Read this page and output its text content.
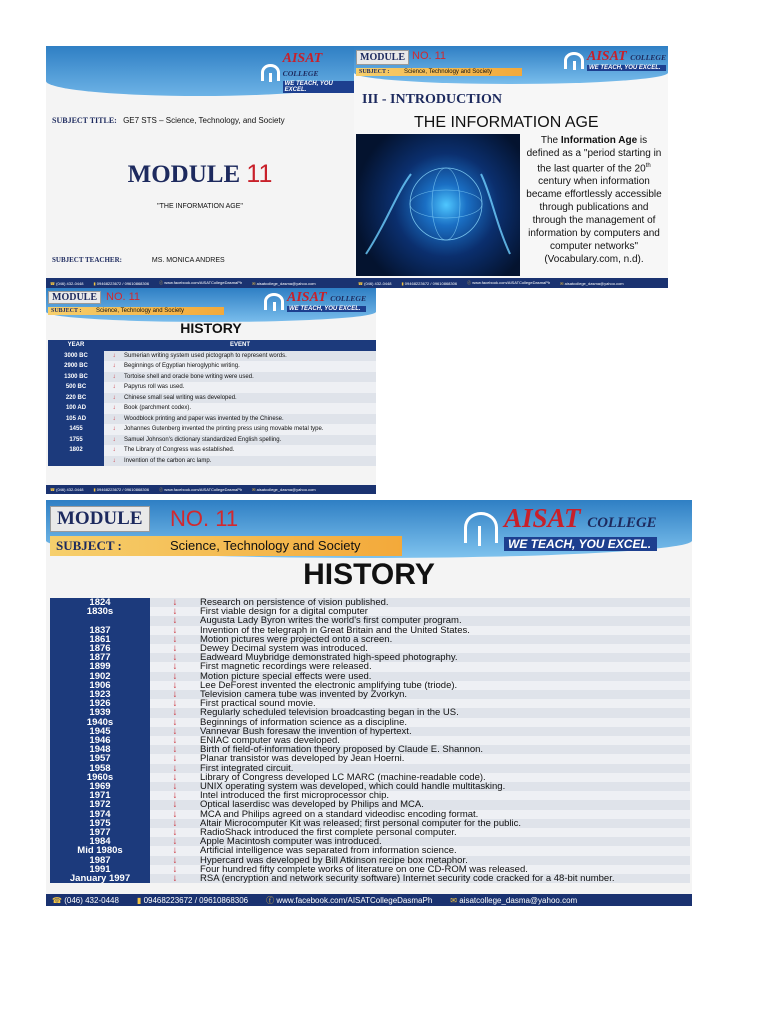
AISAT COLLEGE
WE TEACH, YOU EXCEL.
SUBJECT TITLE: GE7 STS – Science, Technology, and Society
MODULE 11
"THE INFORMATION AGE"
SUBJECT TEACHER:	MS. MONICA ANDRES
☎ (046) 432-0448	▮ 09468223672 / 09610868306	ⓕ www.facebook.com/AISATCollegeDasmaPh	✉ aisatcollege_dasma@yahoo.com
MODULE NO. 11
SUBJECT :	Science, Technology and Society
AISAT COLLEGE
WE TEACH, YOU EXCEL.
III - INTRODUCTION
THE INFORMATION AGE
The Information Age is defined as a "period starting in the last quarter of the 20th century when information became effortlessly accessible through publications and through the management of information by computers and computer networks" (Vocabulary.com, n.d).
☎ (046) 432-0448	▮ 09468223672 / 09610868306	ⓕ www.facebook.com/AISATCollegeDasmaPh	✉ aisatcollege_dasma@yahoo.com
MODULE NO. 11
SUBJECT :	Science, Technology and Society
AISAT COLLEGE
WE TEACH, YOU EXCEL.
HISTORY
YEAR	EVENT	
3000 BC	↓	Sumerian writing system used pictograph to represent words.
2900 BC	↓	Beginnings of Egyptian hieroglyphic writing.
1300 BC	↓	Tortoise shell and oracle bone writing were used.
500 BC	↓	Papyrus roll was used.
220 BC	↓	Chinese small seal writing was developed.
100 AD	↓	Book (parchment codex).
105 AD	↓	Woodblock printing and paper was invented by the Chinese.
1455	↓	Johannes Gutenberg invented the printing press using movable metal type.
1755	↓	Samuel Johnson's dictionary standardized English spelling.
1802	↓	The Library of Congress was established.
	↓	Invention of the carbon arc lamp.
☎ (046) 432-0448	▮ 09468223672 / 09610868306	ⓕ www.facebook.com/AISATCollegeDasmaPh	✉ aisatcollege_dasma@yahoo.com
MODULE	NO. 11
SUBJECT :	Science, Technology and Society
AISAT COLLEGE
WE TEACH, YOU EXCEL.
HISTORY
1824	↓	Research on persistence of vision published.
1830s	↓	First viable design for a digital computer
	↓	Augusta Lady Byron writes the world's first computer program.
1837	↓	Invention of the telegraph in Great Britain and the United States.
1861	↓	Motion pictures were projected onto a screen.
1876	↓	Dewey Decimal system was introduced.
1877	↓	Eadweard Muybridge demonstrated high-speed photography.
1899	↓	First magnetic recordings were released.
1902	↓	Motion picture special effects were used.
1906	↓	Lee DeForest invented the electronic amplifying tube (triode).
1923	↓	Television camera tube was invented by Zvorkyn.
1926	↓	First practical sound movie.
1939	↓	Regularly scheduled television broadcasting began in the US.
1940s	↓	Beginnings of information science as a discipline.
1945	↓	Vannevar Bush foresaw the invention of hypertext.
1946	↓	ENIAC computer was developed.
1948	↓	Birth of field-of-information theory proposed by Claude E. Shannon.
1957	↓	Planar transistor was developed by Jean Hoerni.
1958	↓	First integrated circuit.
1960s	↓	Library of Congress developed LC MARC (machine-readable code).
1969	↓	UNIX operating system was developed, which could handle multitasking.
1971	↓	Intel introduced the first microprocessor chip.
1972	↓	Optical laserdisc was developed by Philips and MCA.
1974	↓	MCA and Philips agreed on a standard videodisc encoding format.
1975	↓	Altair Microcomputer Kit was released; first personal computer for the public.
1977	↓	RadioShack introduced the first complete personal computer.
1984	↓	Apple Macintosh computer was introduced.
Mid 1980s	↓	Artificial intelligence was separated from information science.
1987	↓	Hypercard was developed by Bill Atkinson recipe box metaphor.
1991	↓	Four hundred fifty complete works of literature on one CD-ROM was released.
January 1997	↓	RSA (encryption and network security software) Internet security code cracked for a 48-bit number.
☎ (046) 432-0448 ▮ 09468223672 / 09610868306 ⓕ www.facebook.com/AISATCollegeDasmaPh ✉ aisatcollege_dasma@yahoo.com
